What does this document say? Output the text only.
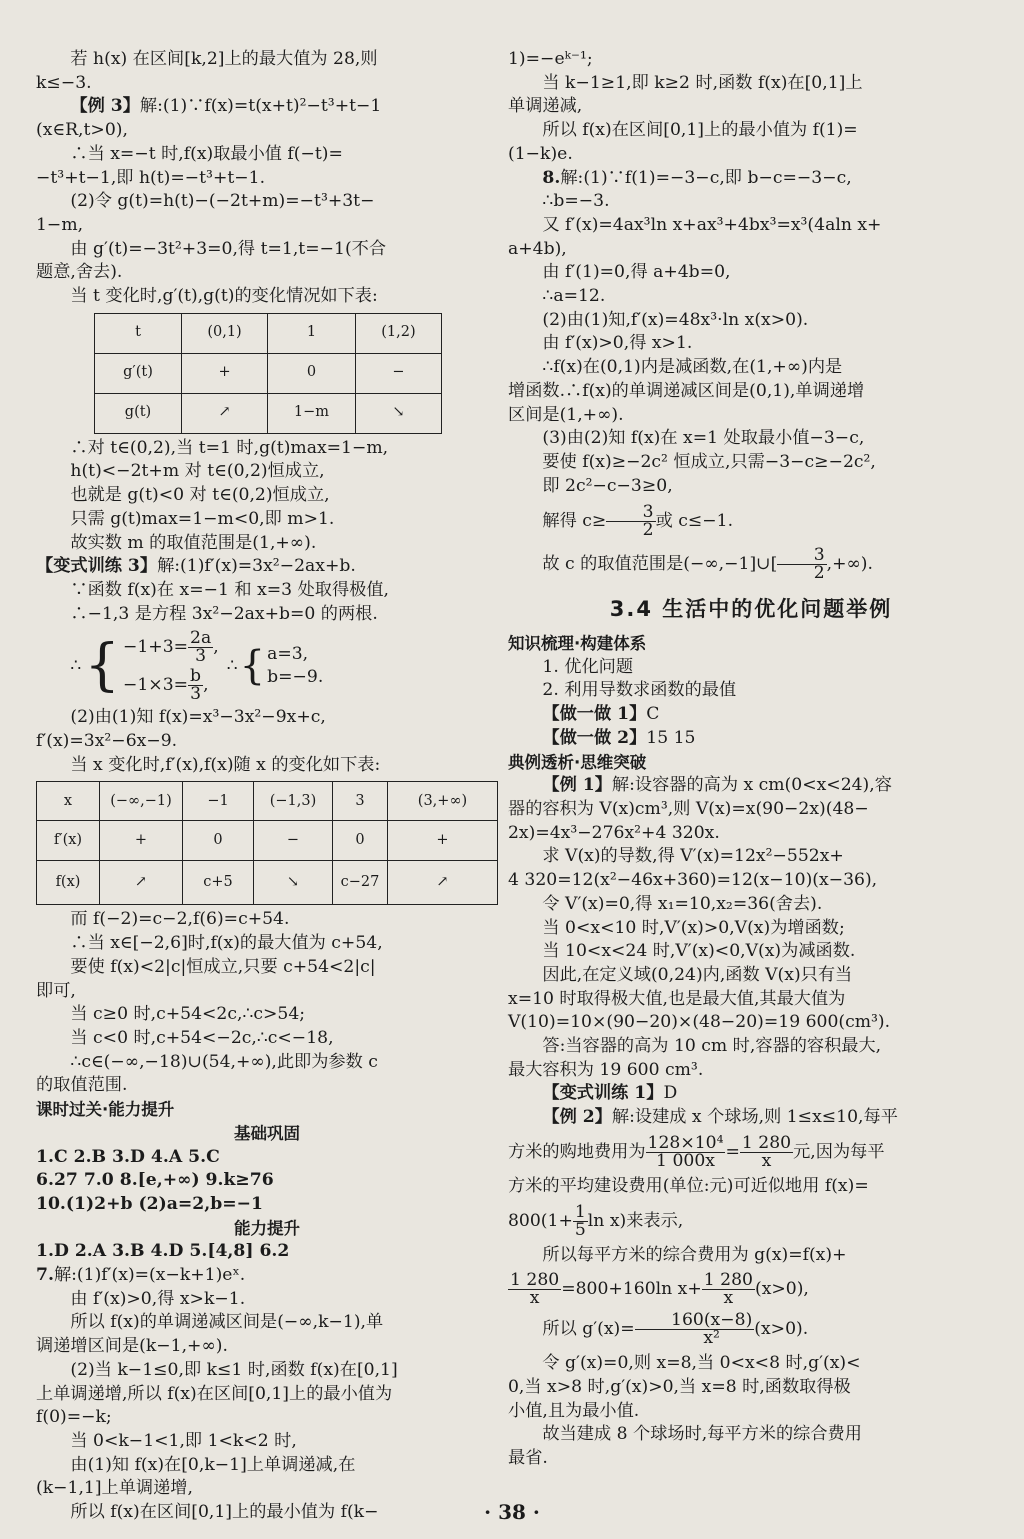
若 h(x) 在区间[k,2]上的最大值为 28,则

k≤−3.

【例 3】解:(1)∵f(x)=t(x+t)²−t³+t−1

(x∈R,t>0),

∴当 x=−t 时,f(x)取最小值 f(−t)=

−t³+t−1,即 h(t)=−t³+t−1.

(2)令 g(t)=h(t)−(−2t+m)=−t³+3t−

1−m,

由 g′(t)=−3t²+3=0,得 t=1,t=−1(不合

题意,舍去).

当 t 变化时,g′(t),g(t)的变化情况如下表:

t	(0,1)	1	(1,2)
g′(t)	+	0	−
g(t)	↗	1−m	↘

∴对 t∈(0,2),当 t=1 时,g(t)max=1−m,

h(t)<−2t+m 对 t∈(0,2)恒成立,

也就是 g(t)<0 对 t∈(0,2)恒成立,

只需 g(t)max=1−m<0,即 m>1.

故实数 m 的取值范围是(1,+∞).

【变式训练 3】解:(1)f′(x)=3x²−2ax+b.

∵函数 f(x)在 x=−1 和 x=3 处取得极值,

∴−1,3 是方程 3x²−2ax+b=0 的两根.

∴ { $-1+3= \frac{2a}{3}$ ,
$-1\times 3= \frac{b}{3}$ ,
∴ { a=3,
b=−9.

(2)由(1)知 f(x)=x³−3x²−9x+c,

f′(x)=3x²−6x−9.

当 x 变化时,f′(x),f(x)随 x 的变化如下表:

x	(−∞,−1)	−1	(−1,3)	3	(3,+∞)
f′(x)	+	0	−	0	+
f(x)	↗	c+5	↘	c−27	↗

而 f(−2)=c−2,f(6)=c+54.

∴当 x∈[−2,6]时,f(x)的最大值为 c+54,

要使 f(x)<2|c|恒成立,只要 c+54<2|c|

即可,

当 c≥0 时,c+54<2c,∴c>54;

当 c<0 时,c+54<−2c,∴c<−18,

∴c∈(−∞,−18)∪(54,+∞),此即为参数 c

的取值范围.

课时过关·能力提升

基础巩固

1.C 2.B 3.D 4.A 5.C

6.27 7.0 8.[e,+∞) 9.k≥76

10.(1)2+b (2)a=2,b=−1

能力提升

1.D 2.A 3.B 4.D 5.[4,8] 6.2

7.解:(1)f′(x)=(x−k+1)eˣ.

由 f′(x)>0,得 x>k−1.

所以 f(x)的单调递减区间是(−∞,k−1),单

调递增区间是(k−1,+∞).

(2)当 k−1≤0,即 k≤1 时,函数 f(x)在[0,1]

上单调递增,所以 f(x)在区间[0,1]上的最小值为

f(0)=−k;

当 0<k−1<1,即 1<k<2 时,

由(1)知 f(x)在[0,k−1]上单调递减,在

(k−1,1]上单调递增,

所以 f(x)在区间[0,1]上的最小值为 f(k−

1)=−eᵏ⁻¹;

当 k−1≥1,即 k≥2 时,函数 f(x)在[0,1]上

单调递减,

所以 f(x)在区间[0,1]上的最小值为 f(1)=

(1−k)e.

8.解:(1)∵f(1)=−3−c,即 b−c=−3−c,

∴b=−3.

又 f′(x)=4ax³ln x+ax³+4bx³=x³(4aln x+

a+4b),

由 f′(1)=0,得 a+4b=0,

∴a=12.

(2)由(1)知,f′(x)=48x³·ln x(x>0).

由 f′(x)>0,得 x>1.

∴f(x)在(0,1)内是减函数,在(1,+∞)内是

增函数.∴f(x)的单调递减区间是(0,1),单调递增

区间是(1,+∞).

(3)由(2)知 f(x)在 x=1 处取最小值−3−c,

要使 f(x)≥−2c² 恒成立,只需−3−c≥−2c²,

即 2c²−c−3≥0,

解得 $c\ge \frac{3}{2}$ 或 c≤−1.

故 c 的取值范围是(−∞,−1]∪[ $\frac{3}{2}$ ,+∞).

3.4 生活中的优化问题举例

知识梳理·构建体系

1. 优化问题

2. 利用导数求函数的最值

【做一做 1】C

【做一做 2】15 15

典例透析·思维突破

【例 1】解:设容器的高为 x cm(0<x<24),容

器的容积为 V(x)cm³,则 V(x)=x(90−2x)(48−

2x)=4x³−276x²+4 320x.

求 V(x)的导数,得 V′(x)=12x²−552x+

4 320=12(x²−46x+360)=12(x−10)(x−36),

令 V′(x)=0,得 x₁=10,x₂=36(舍去).

当 0<x<10 时,V′(x)>0,V(x)为增函数;

当 10<x<24 时,V′(x)<0,V(x)为减函数.

因此,在定义域(0,24)内,函数 V(x)只有当

x=10 时取得极大值,也是最大值,其最大值为

V(10)=10×(90−20)×(48−20)=19 600(cm³).

答:当容器的高为 10 cm 时,容器的容积最大,

最大容积为 19 600 cm³.

【变式训练 1】D

【例 2】解:设建成 x 个球场,则 1≤x≤10,每平

方米的购地费用为 $\frac{\text{128×10⁴}}{1 000x} = \frac{1 280}{x}$ 元,因为每平

方米的平均建设费用(单位:元)可近似地用 f(x)=

$800(1+ \frac{1}{5}$ ln x)来表示,

所以每平方米的综合费用为 g(x)=f(x)+

$\frac{1 280}{x} =800+160\ln$ $x+ \frac{1 280}{x} (x>0)$,

所以 $g'(x)= \frac{160(x-8)}{\text{x²}} (x>0)$.

令 g′(x)=0,则 x=8,当 0<x<8 时,g′(x)<

0,当 x>8 时,g′(x)>0,当 x=8 时,函数取得极

小值,且为最小值.

故当建成 8 个球场时,每平方米的综合费用

最省.

· 38 ·
